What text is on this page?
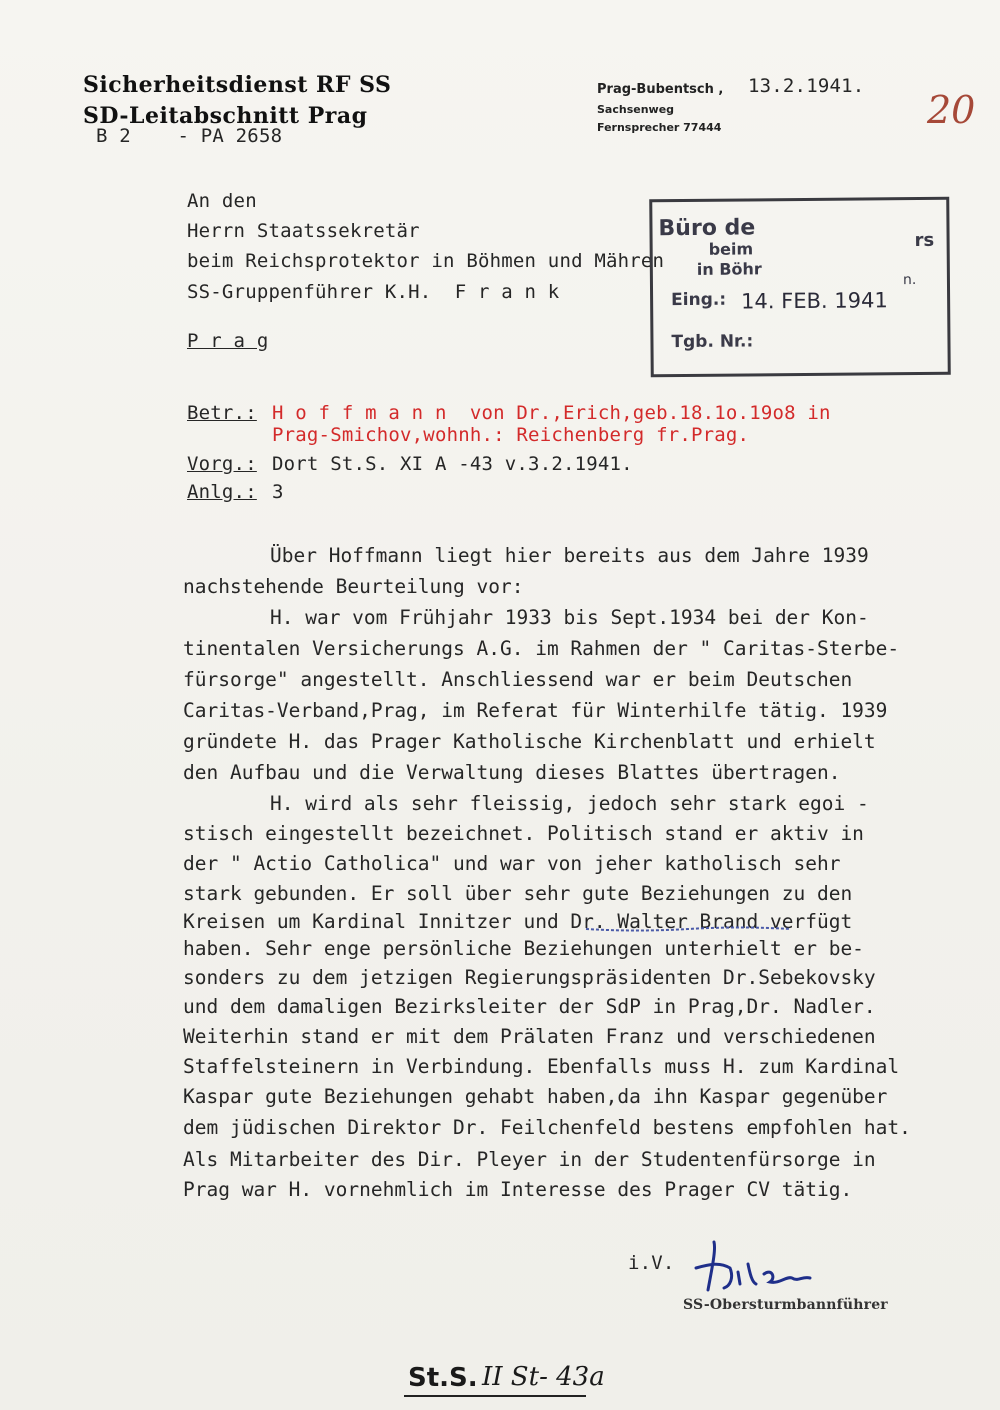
Sicherheitsdienst RF SS
SD-Leitabschnitt Prag
B 2    - PA 2658
Prag-Bubentsch , 13.2.1941.
Sachsenweg
Fernsprecher 77444	20
An den
Herrn Staatssekretär
beim Reichsprotektor in Böhmen und Mähren
SS-Gruppenführer K.H.  F r a n k
P r a g
Büro de	rs
beim
in Böhr
n.
Eing.: 14. FEB. 1941
Tgb. Nr.:
Betr.: H o f f m a n n  von Dr.,Erich,geb.18.1o.19o8 in
Prag-Smichov,wohnh.: Reichenberg fr.Prag.
Vorg.: Dort St.S. XI A -43 v.3.2.1941.
Anlg.: 3
Über Hoffmann liegt hier bereits aus dem Jahre 1939
nachstehende Beurteilung vor:
H. war vom Frühjahr 1933 bis Sept.1934 bei der Kon-
tinentalen Versicherungs A.G. im Rahmen der " Caritas-Sterbe-
fürsorge" angestellt. Anschliessend war er beim Deutschen
Caritas-Verband,Prag, im Referat für Winterhilfe tätig. 1939
gründete H. das Prager Katholische Kirchenblatt und erhielt
den Aufbau und die Verwaltung dieses Blattes übertragen.
H. wird als sehr fleissig, jedoch sehr stark egoi -
stisch eingestellt bezeichnet. Politisch stand er aktiv in
der " Actio Catholica" und war von jeher katholisch sehr
stark gebunden. Er soll über sehr gute Beziehungen zu den
Kreisen um Kardinal Innitzer und Dr. Walter Brand verfügt
haben. Sehr enge persönliche Beziehungen unterhielt er be-
sonders zu dem jetzigen Regierungspräsidenten Dr.Sebekovsky
und dem damaligen Bezirksleiter der SdP in Prag,Dr. Nadler.
Weiterhin stand er mit dem Prälaten Franz und verschiedenen
Staffelsteinern in Verbindung. Ebenfalls muss H. zum Kardinal
Kaspar gute Beziehungen gehabt haben,da ihn Kaspar gegenüber
dem jüdischen Direktor Dr. Feilchenfeld bestens empfohlen hat.
Als Mitarbeiter des Dir. Pleyer in der Studentenfürsorge in
Prag war H. vornehmlich im Interesse des Prager CV tätig.
i.V.
SS-Obersturmbannführer
St.S. II St- 43a
